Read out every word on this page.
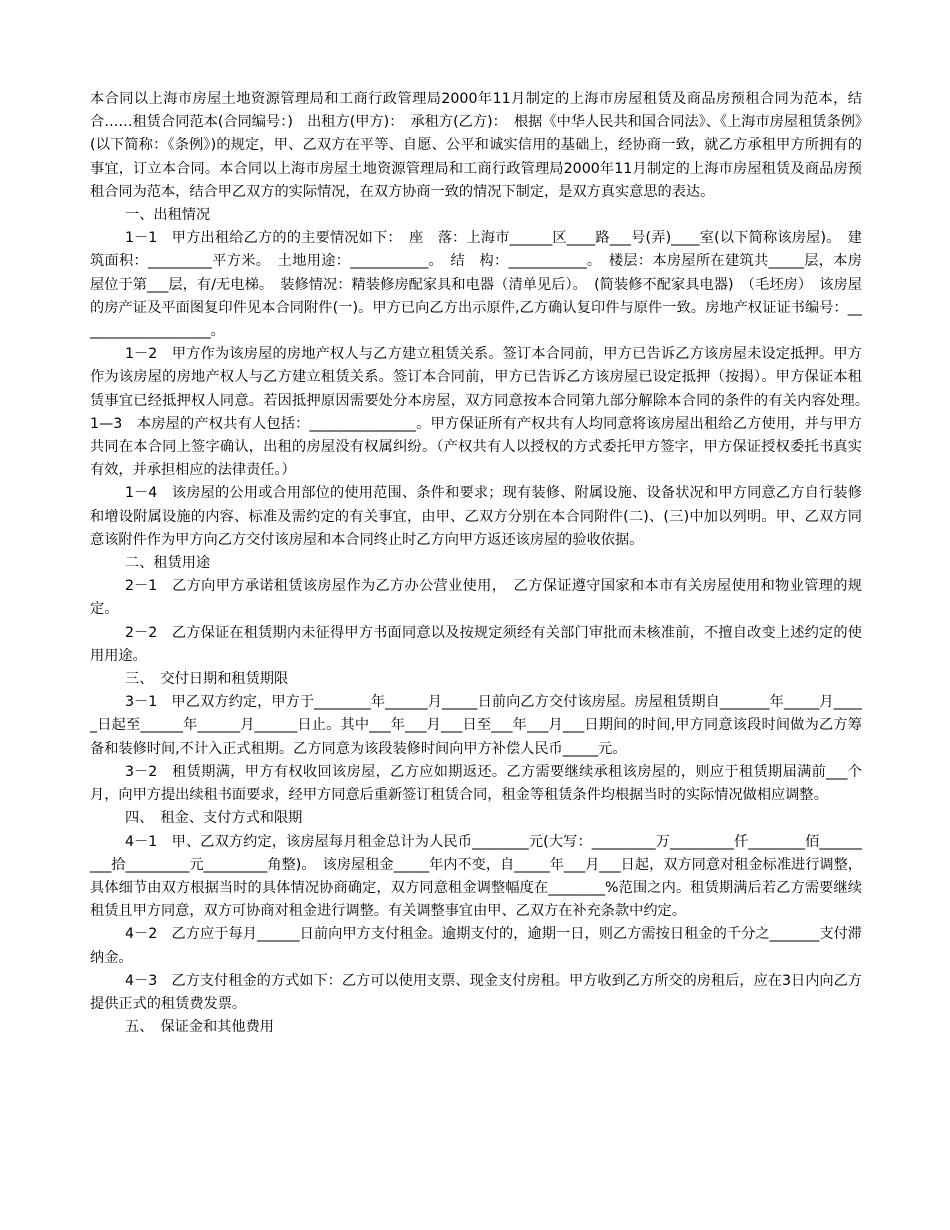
本合同以上海市房屋土地资源管理局和工商行政管理局2000年11月制定的上海市房屋租赁及商品房预租合同为范本，结合……租赁合同范本(合同编号：)　出租方(甲方)：　承租方(乙方)：　根据《中华人民共和国合同法》、《上海市房屋租赁条例》(以下简称：《条例》)的规定，甲、乙双方在平等、自愿、公平和诚实信用的基础上，经协商一致，就乙方承租甲方所拥有的事宜，订立本合同。本合同以上海市房屋土地资源管理局和工商行政管理局2000年11月制定的上海市房屋租赁及商品房预租合同为范本，结合甲乙双方的实际情况，在双方协商一致的情况下制定，是双方真实意思的表达。

一、出租情况

1－1　甲方出租给乙方的的主要情况如下：　座　落：上海市______区____路___号(弄)____室(以下简称该房屋)。　建筑面积：_________平方米。　土地用途：___________。　结　构：___________。　楼层：本房屋所在建筑共_____层，本房屋位于第___层，有/无电梯。　装修情况：精装修房配家具和电器（清单见后）。　(简装修不配家具电器)　（毛坯房）　该房屋的房产证及平面图复印件见本合同附件(一)。甲方已向乙方出示原件,乙方确认复印件与原件一致。房地产权证证书编号：___________________。

1－2　甲方作为该房屋的房地产权人与乙方建立租赁关系。签订本合同前，甲方已告诉乙方该房屋未设定抵押。甲方作为该房屋的房地产权人与乙方建立租赁关系。签订本合同前，甲方已告诉乙方该房屋已设定抵押（按揭）。甲方保证本租赁事宜已经抵押权人同意。若因抵押原因需要处分本房屋，双方同意按本合同第九部分解除本合同的条件的有关内容处理。　1—3　本房屋的产权共有人包括：_______________。甲方保证所有产权共有人均同意将该房屋出租给乙方使用，并与甲方共同在本合同上签字确认，出租的房屋没有权属纠纷。（产权共有人以授权的方式委托甲方签字，甲方保证授权委托书真实有效，并承担相应的法律责任。）

1－4　该房屋的公用或合用部位的使用范围、条件和要求；现有装修、附属设施、设备状况和甲方同意乙方自行装修和增设附属设施的内容、标准及需约定的有关事宜，由甲、乙双方分别在本合同附件(二)、(三)中加以列明。甲、乙双方同意该附件作为甲方向乙方交付该房屋和本合同终止时乙方向甲方返还该房屋的验收依据。

二、租赁用途

2－1　乙方向甲方承诺租赁该房屋作为乙方办公营业使用，　乙方保证遵守国家和本市有关房屋使用和物业管理的规定。

2－2　乙方保证在租赁期内未征得甲方书面同意以及按规定须经有关部门审批而未核准前，不擅自改变上述约定的使用用途。

三、　交付日期和租赁期限

3－1　甲乙双方约定，甲方于________年______月_____日前向乙方交付该房屋。房屋租赁期自_______年_____月_____日起至______年______月______日止。其中___年___月___日至___年___月___日期间的时间,甲方同意该段时间做为乙方筹备和装修时间,不计入正式租期。乙方同意为该段装修时间向甲方补偿人民币_____元。

3－2　租赁期满，甲方有权收回该房屋，乙方应如期返还。乙方需要继续承租该房屋的，则应于租赁期届满前___个月，向甲方提出续租书面要求，经甲方同意后重新签订租赁合同，租金等租赁条件均根据当时的实际情况做相应调整。

四、　租金、支付方式和限期

4－1　甲、乙双方约定，该房屋每月租金总计为人民币________元(大写：_________万_________仟________佰_________拾_________元_________角整)。　该房屋租金_____年内不变，自_____年___月___日起，双方同意对租金标准进行调整，具体细节由双方根据当时的具体情况协商确定，双方同意租金调整幅度在________%范围之内。租赁期满后若乙方需要继续租赁且甲方同意，双方可协商对租金进行调整。有关调整事宜由甲、乙双方在补充条款中约定。

4－2　乙方应于每月______日前向甲方支付租金。逾期支付的，逾期一日，则乙方需按日租金的千分之_______支付滞纳金。

4－3　乙方支付租金的方式如下：乙方可以使用支票、现金支付房租。甲方收到乙方所交的房租后，应在3日内向乙方提供正式的租赁费发票。

五、　保证金和其他费用
